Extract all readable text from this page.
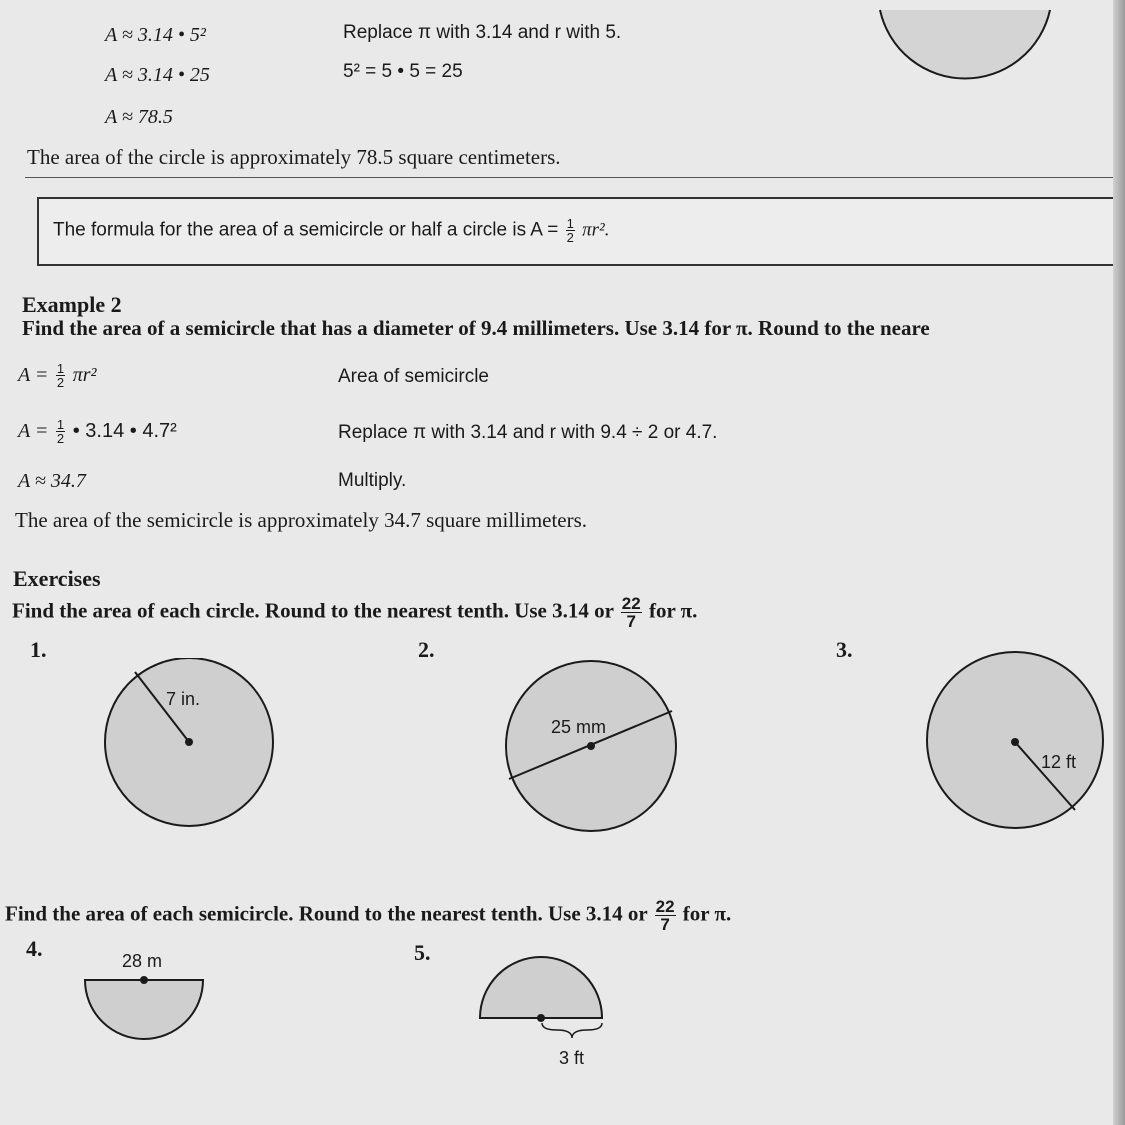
A ≈ 3.14 • 5²	Replace π with 3.14 and r with 5.
A ≈ 3.14 • 25	5² = 5 • 5 = 25
A ≈ 78.5
The area of the circle is approximately 78.5 square centimeters.
The formula for the area of a semicircle or half a circle is $A = \frac{1}{2} \pi r^2$.
Example 2
Find the area of a semicircle that has a diameter of 9.4 millimeters. Use 3.14 for π. Round to the neare
$A = \frac{1}{2} \pi r^2$	Area of semicircle
$A = \frac{1}{2}$ • 3.14 • 4.7²	Replace π with 3.14 and r with 9.4 ÷ 2 or 4.7.
A ≈ 34.7	Multiply.
The area of the semicircle is approximately 34.7 square millimeters.
Exercises
Find the area of each circle. Round to the nearest tenth. Use 3.14 or $\frac{22}{7}$ for π.
1.	2.	3.
7 in.
25 mm
12 ft
Find the area of each semicircle. Round to the nearest tenth. Use 3.14 or $\frac{22}{7}$ for π.
4.	5.
28 m
3 ft
